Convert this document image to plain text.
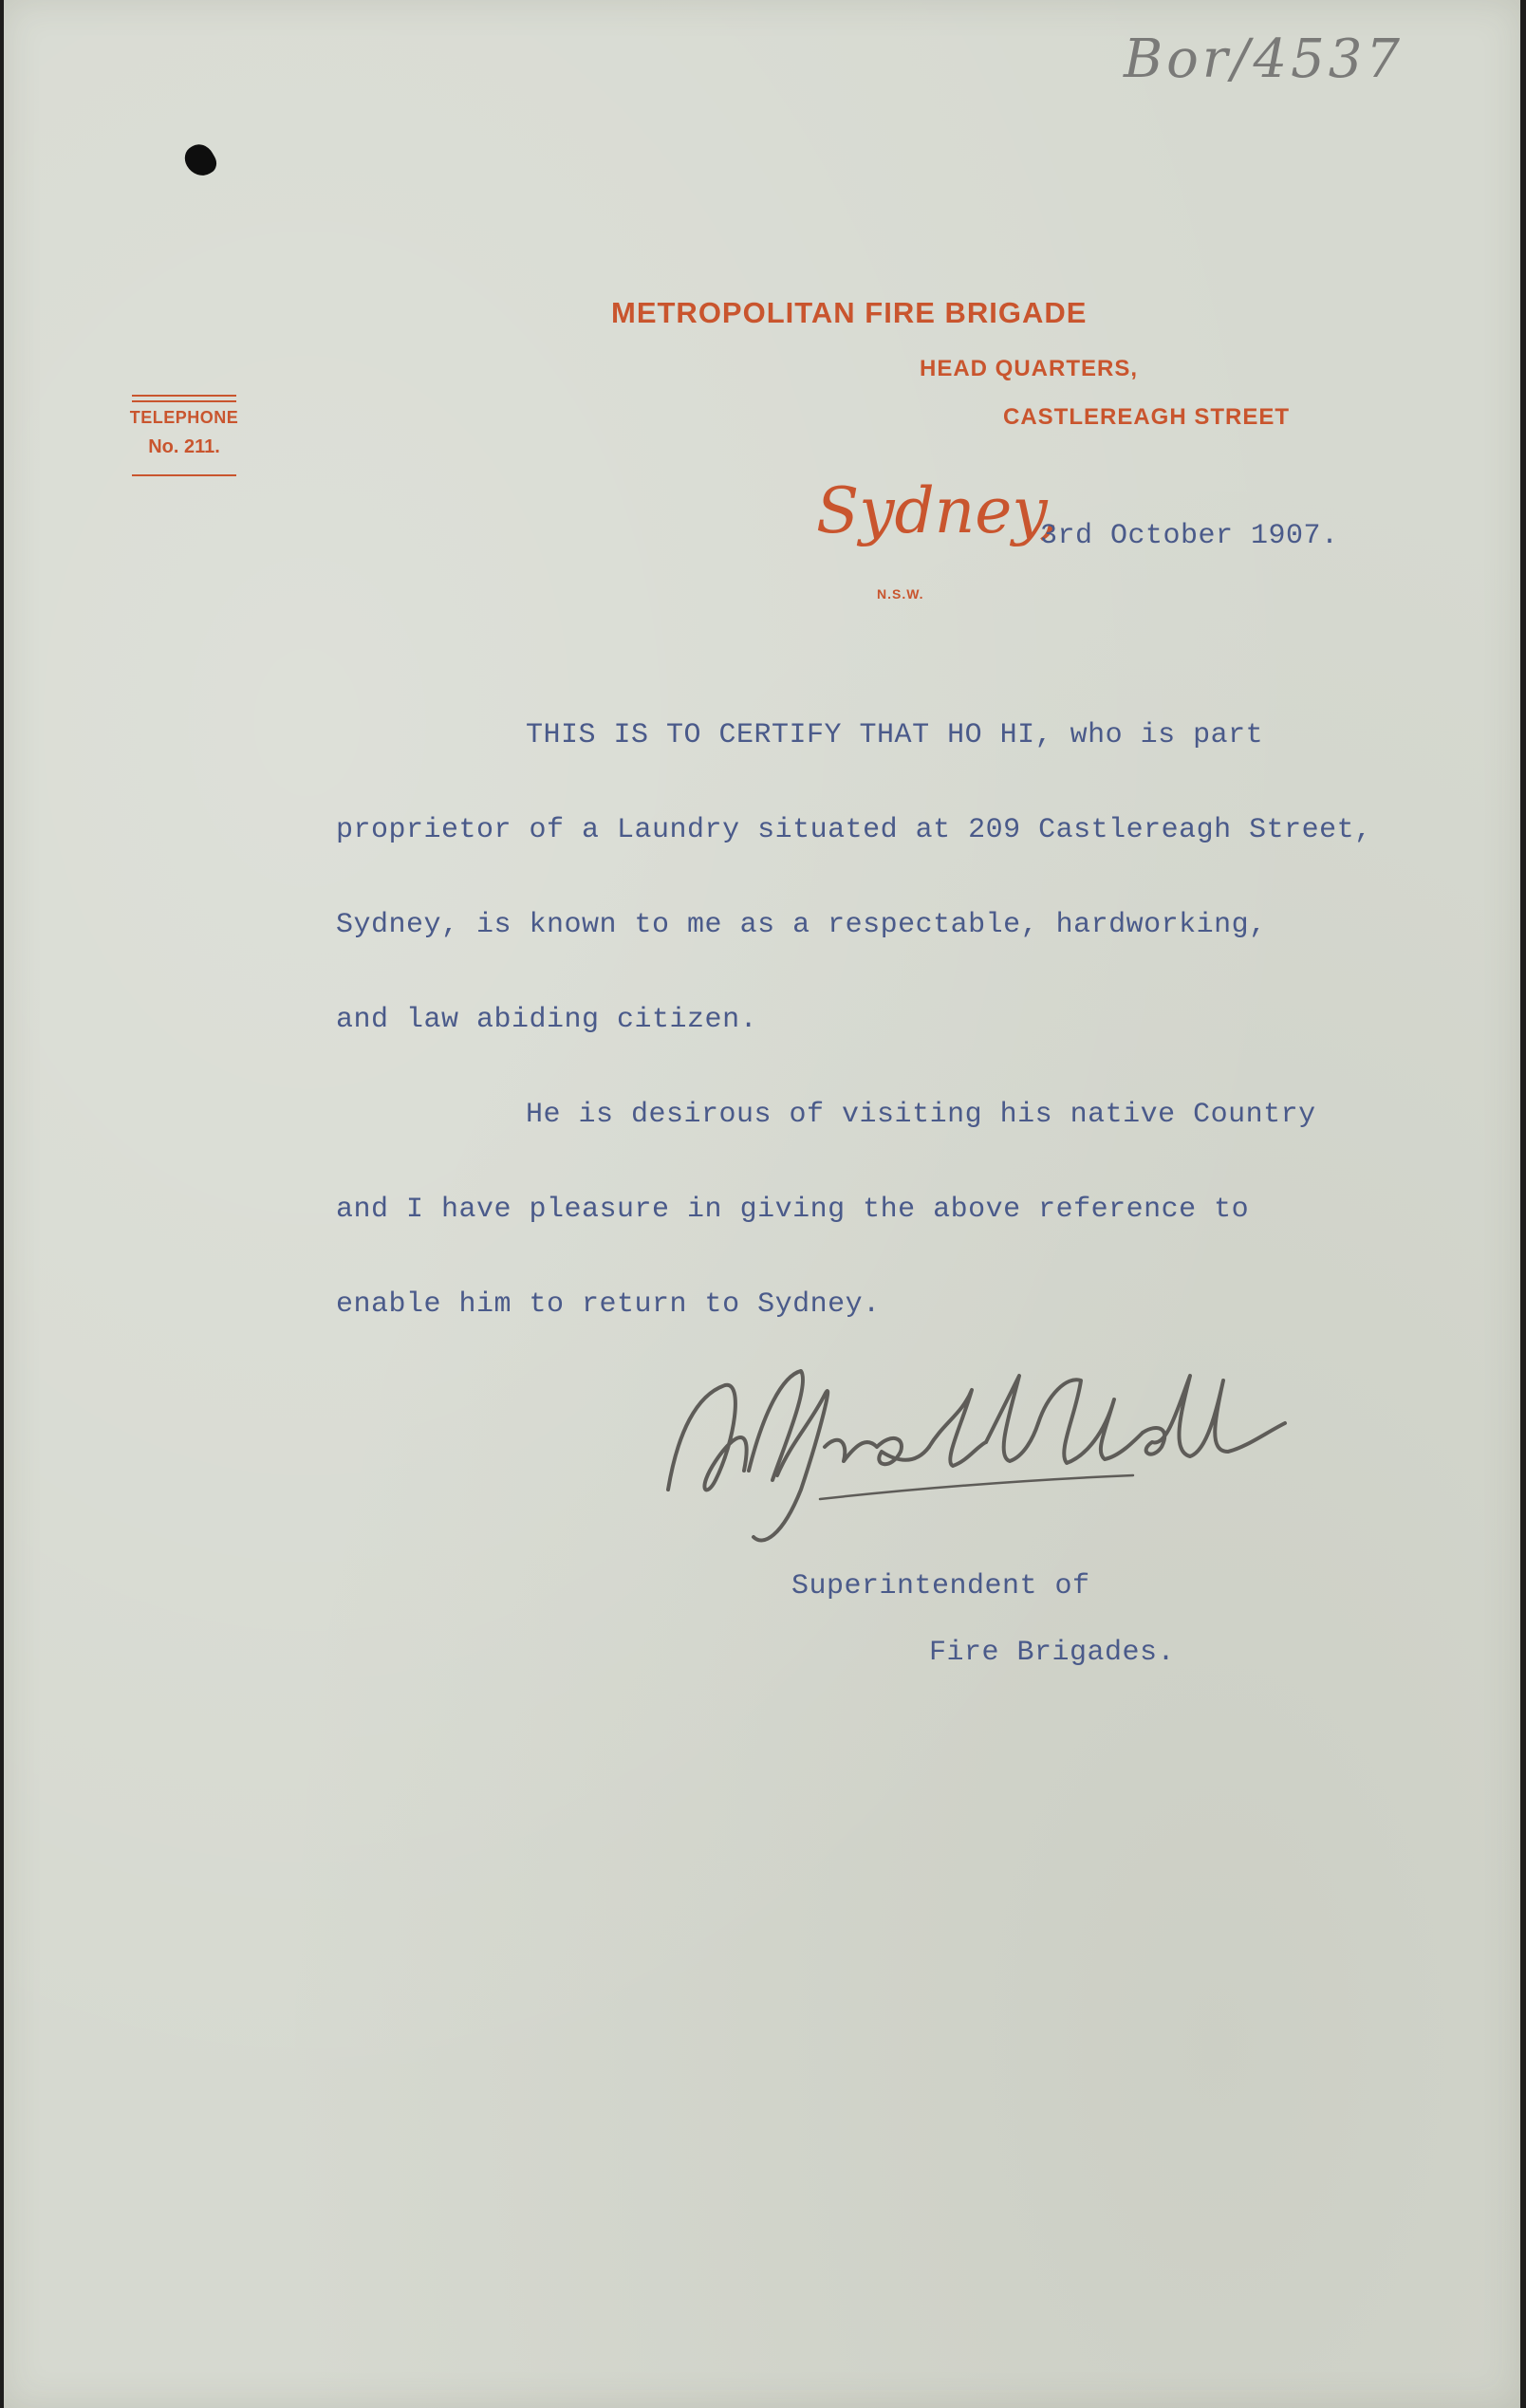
Bor/4537
METROPOLITAN FIRE BRIGADE
HEAD QUARTERS,
CASTLEREAGH STREET
TELEPHONE
No. 211.
Sydney,
N.S.W.
3rd October 1907.
THIS IS TO CERTIFY THAT HO HI, who is part
proprietor of a Laundry situated at 209 Castlereagh Street,
Sydney, is known to me as a respectable, hardworking,
and law abiding citizen.
He is desirous of visiting his native Country
and I have pleasure in giving the above reference to
enable him to return to Sydney.
Superintendent of
Fire Brigades.
